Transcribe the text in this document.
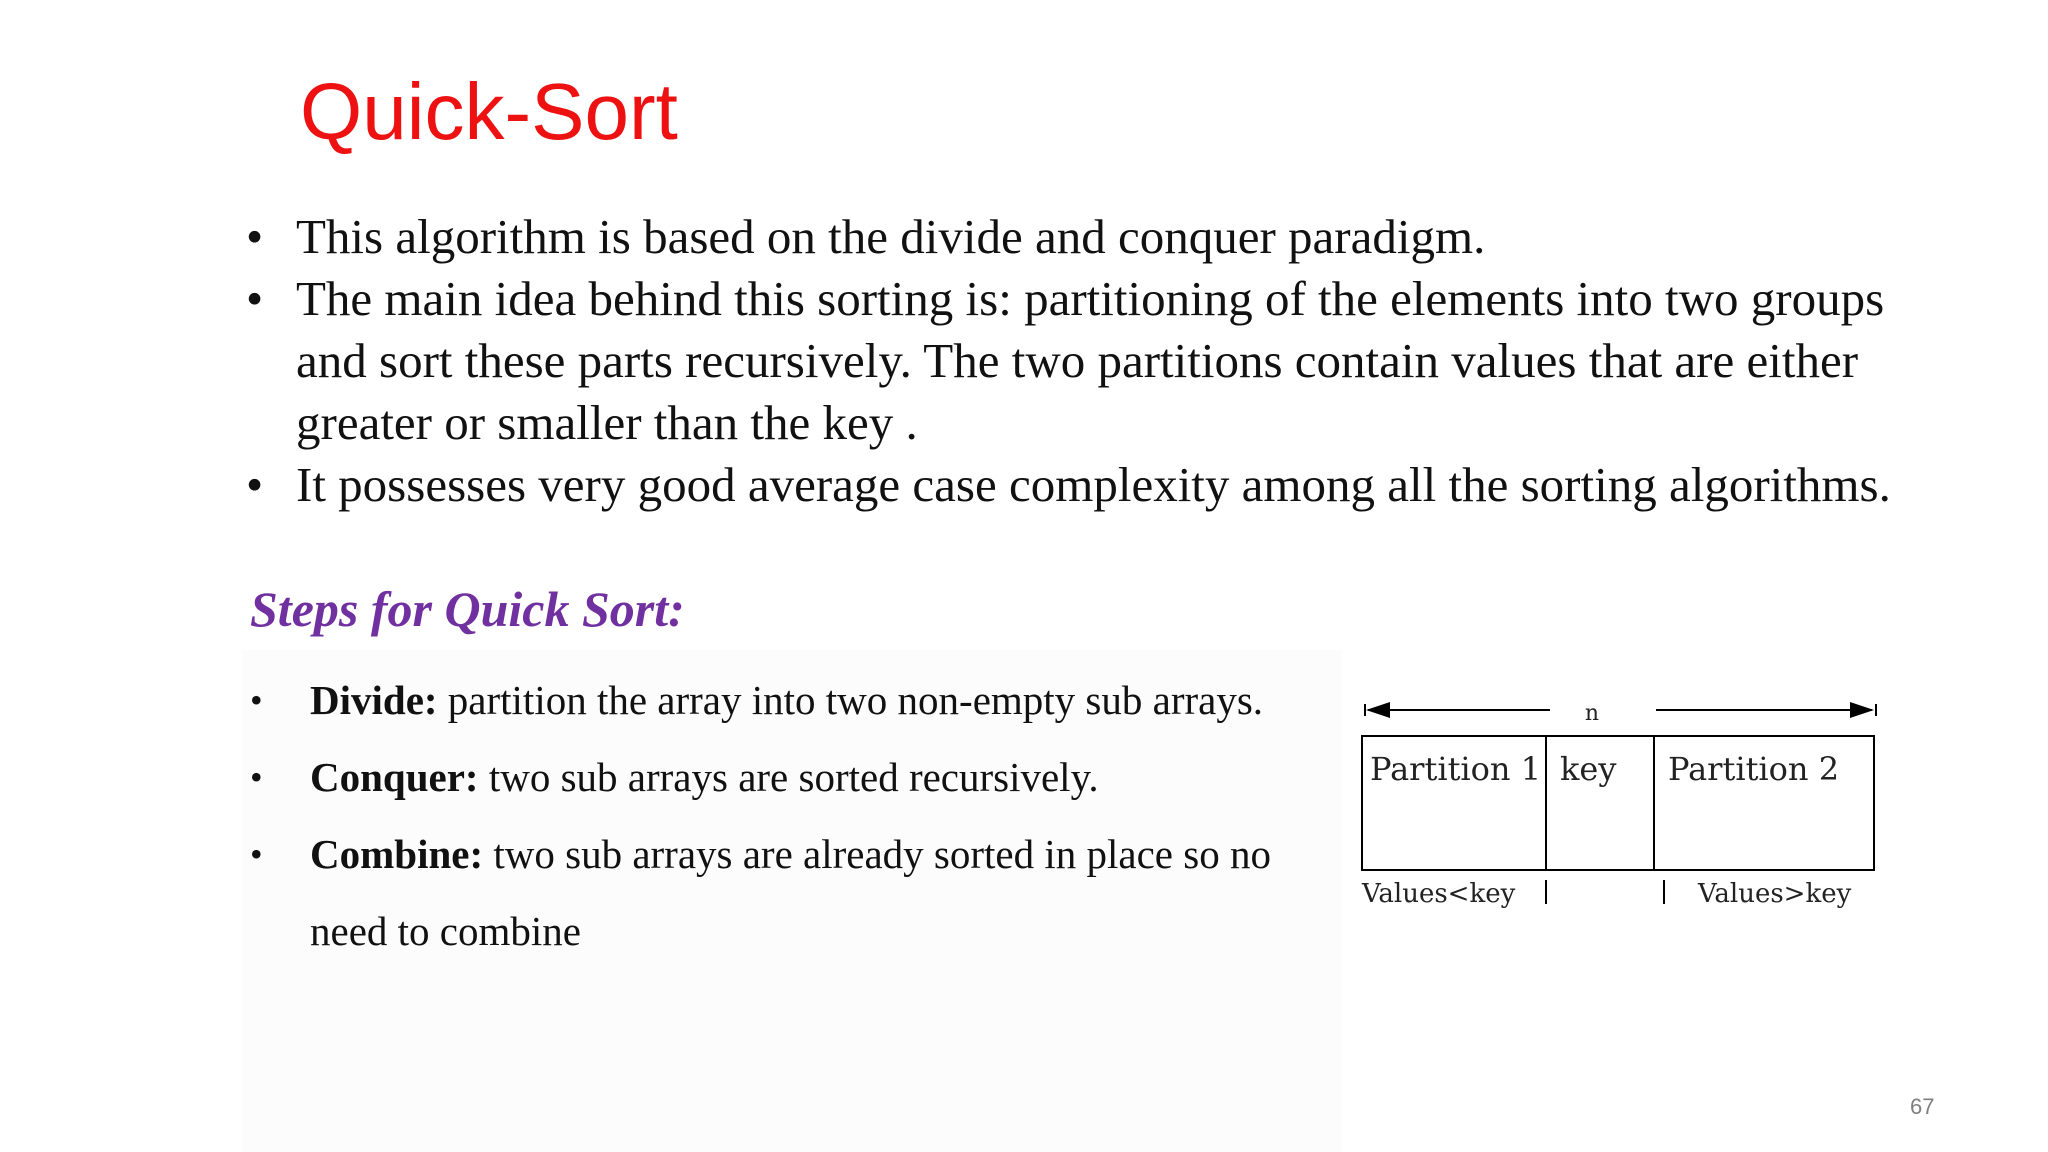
Quick-Sort
• This algorithm is based on the divide and conquer paradigm.
• The main idea behind this sorting is: partitioning of the elements into two groups and sort these parts recursively. The two partitions contain values that are either greater or smaller than the key .
• It possesses very good average case complexity among all the sorting algorithms.
Steps for Quick Sort:
• Divide: partition the array into two non-empty sub arrays.
• Conquer: two sub arrays are sorted recursively.
• Combine: two sub arrays are already sorted in place so no need to combine
n
Partition 1 key Partition 2
Values<key	Values>key
67
